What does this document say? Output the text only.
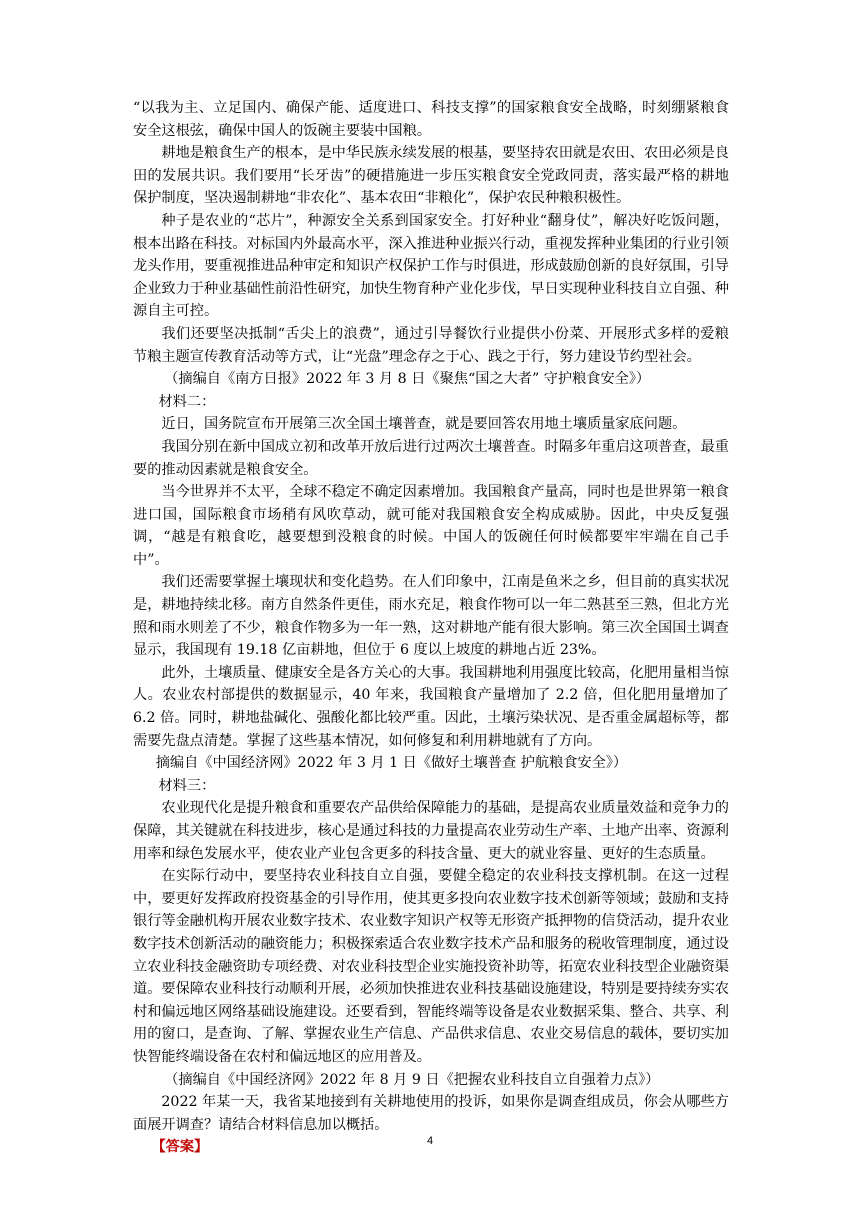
“以我为主、立足国内、确保产能、适度进口、科技支撑”的国家粮食安全战略，时刻绷紧粮食安全这根弦，确保中国人的饭碗主要装中国粮。

耕地是粮食生产的根本，是中华民族永续发展的根基，要坚持农田就是农田、农田必须是良田的发展共识。我们要用“长牙齿”的硬措施进一步压实粮食安全党政同责，落实最严格的耕地保护制度，坚决遏制耕地“非农化”、基本农田“非粮化”，保护农民种粮积极性。

种子是农业的“芯片”，种源安全关系到国家安全。打好种业“翻身仗”，解决好吃饭问题，根本出路在科技。对标国内外最高水平，深入推进种业振兴行动，重视发挥种业集团的行业引领龙头作用，要重视推进品种审定和知识产权保护工作与时俱进，形成鼓励创新的良好氛围，引导企业致力于种业基础性前沿性研究，加快生物育种产业化步伐，早日实现种业科技自立自强、种源自主可控。

我们还要坚决抵制“舌尖上的浪费”，通过引导餐饮行业提供小份菜、开展形式多样的爱粮节粮主题宣传教育活动等方式，让“光盘”理念存之于心、践之于行，努力建设节约型社会。

（摘编自《南方日报》2022 年 3 月 8 日《聚焦“国之大者” 守护粮食安全》）

材料二：

近日，国务院宣布开展第三次全国土壤普查，就是要回答农用地土壤质量家底问题。

我国分别在新中国成立初和改革开放后进行过两次土壤普查。时隔多年重启这项普查，最重要的推动因素就是粮食安全。

当今世界并不太平，全球不稳定不确定因素增加。我国粮食产量高，同时也是世界第一粮食进口国，国际粮食市场稍有风吹草动，就可能对我国粮食安全构成威胁。因此，中央反复强调，“越是有粮食吃，越要想到没粮食的时候。中国人的饭碗任何时候都要牢牢端在自己手中”。

我们还需要掌握土壤现状和变化趋势。在人们印象中，江南是鱼米之乡，但目前的真实状况是，耕地持续北移。南方自然条件更佳，雨水充足，粮食作物可以一年二熟甚至三熟，但北方光照和雨水则差了不少，粮食作物多为一年一熟，这对耕地产能有很大影响。第三次全国国土调查显示，我国现有 19.18 亿亩耕地，但位于 6 度以上坡度的耕地占近 23%。

此外，土壤质量、健康安全是各方关心的大事。我国耕地利用强度比较高，化肥用量相当惊人。农业农村部提供的数据显示，40 年来，我国粮食产量增加了 2.2 倍，但化肥用量增加了 6.2 倍。同时，耕地盐碱化、强酸化都比较严重。因此，土壤污染状况、是否重金属超标等，都需要先盘点清楚。掌握了这些基本情况，如何修复和利用耕地就有了方向。

摘编自《中国经济网》2022 年 3 月 1 日《做好土壤普查 护航粮食安全》）

材料三：

农业现代化是提升粮食和重要农产品供给保障能力的基础，是提高农业质量效益和竞争力的保障，其关键就在科技进步，核心是通过科技的力量提高农业劳动生产率、土地产出率、资源利用率和绿色发展水平，使农业产业包含更多的科技含量、更大的就业容量、更好的生态质量。

在实际行动中，要坚持农业科技自立自强，要健全稳定的农业科技支撑机制。在这一过程中，要更好发挥政府投资基金的引导作用，使其更多投向农业数字技术创新等领域；鼓励和支持银行等金融机构开展农业数字技术、农业数字知识产权等无形资产抵押物的信贷活动，提升农业数字技术创新活动的融资能力；积极探索适合农业数字技术产品和服务的税收管理制度，通过设立农业科技金融资助专项经费、对农业科技型企业实施投资补助等，拓宽农业科技型企业融资渠道。要保障农业科技行动顺利开展，必须加快推进农业科技基础设施建设，特别是要持续夯实农村和偏远地区网络基础设施建设。还要看到，智能终端等设备是农业数据采集、整合、共享、利用的窗口，是查询、了解、掌握农业生产信息、产品供求信息、农业交易信息的载体，要切实加快智能终端设备在农村和偏远地区的应用普及。

（摘编自《中国经济网》2022 年 8 月 9 日《把握农业科技自立自强着力点》）

2022 年某一天，我省某地接到有关耕地使用的投诉，如果你是调查组成员，你会从哪些方面展开调查？请结合材料信息加以概括。

【答案】	4
